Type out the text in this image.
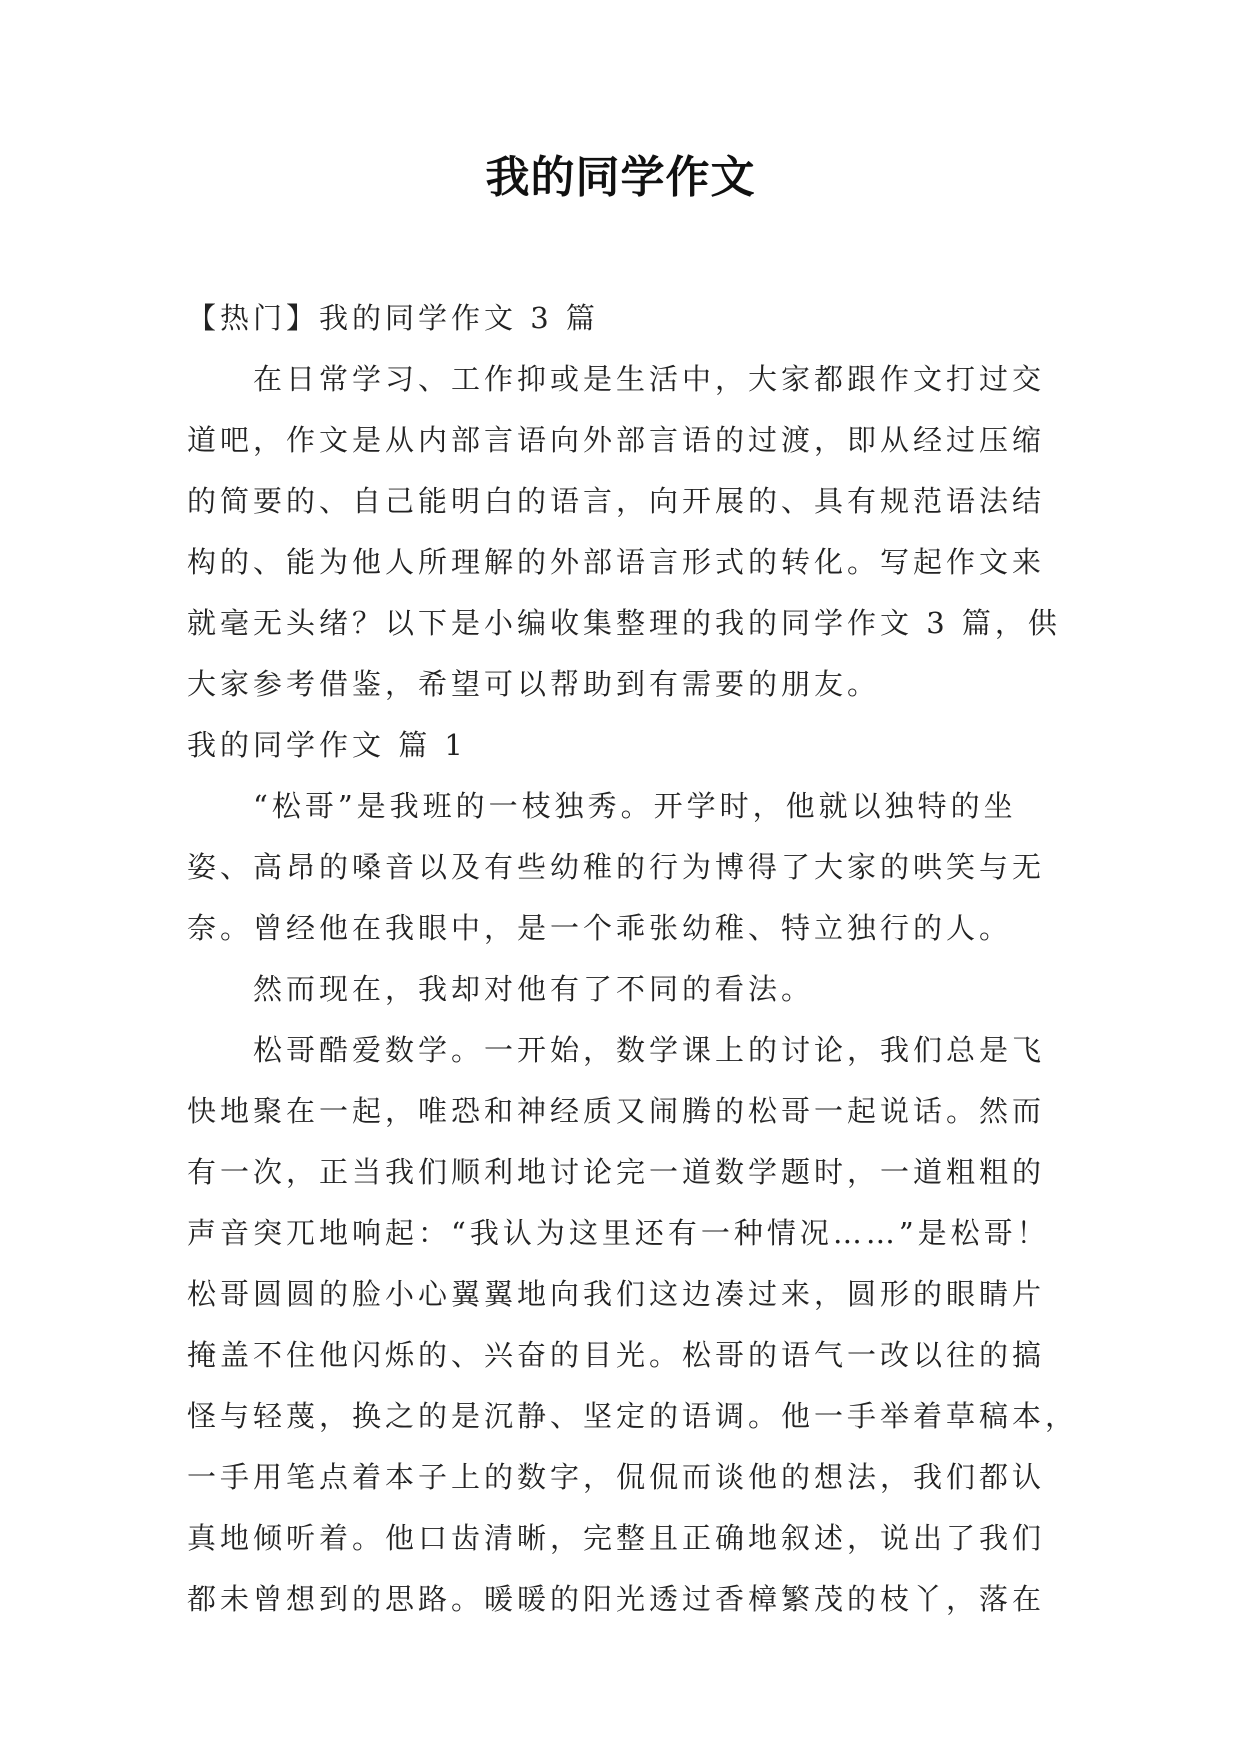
我的同学作文
【热门】我的同学作文 3 篇
在日常学习、工作抑或是生活中，大家都跟作文打过交
道吧，作文是从内部言语向外部言语的过渡，即从经过压缩
的简要的、自己能明白的语言，向开展的、具有规范语法结
构的、能为他人所理解的外部语言形式的转化。写起作文来
就毫无头绪？以下是小编收集整理的我的同学作文 3 篇，供
大家参考借鉴，希望可以帮助到有需要的朋友。
我的同学作文 篇 1
“松哥”是我班的一枝独秀。开学时，他就以独特的坐
姿、高昂的嗓音以及有些幼稚的行为博得了大家的哄笑与无
奈。曾经他在我眼中，是一个乖张幼稚、特立独行的人。
然而现在，我却对他有了不同的看法。
松哥酷爱数学。一开始，数学课上的讨论，我们总是飞
快地聚在一起，唯恐和神经质又闹腾的松哥一起说话。然而
有一次，正当我们顺利地讨论完一道数学题时，一道粗粗的
声音突兀地响起：“我认为这里还有一种情况……”是松哥！
松哥圆圆的脸小心翼翼地向我们这边凑过来，圆形的眼睛片
掩盖不住他闪烁的、兴奋的目光。松哥的语气一改以往的搞
怪与轻蔑，换之的是沉静、坚定的语调。他一手举着草稿本，
一手用笔点着本子上的数字，侃侃而谈他的想法，我们都认
真地倾听着。他口齿清晰，完整且正确地叙述，说出了我们
都未曾想到的思路。暖暖的阳光透过香樟繁茂的枝丫，落在
